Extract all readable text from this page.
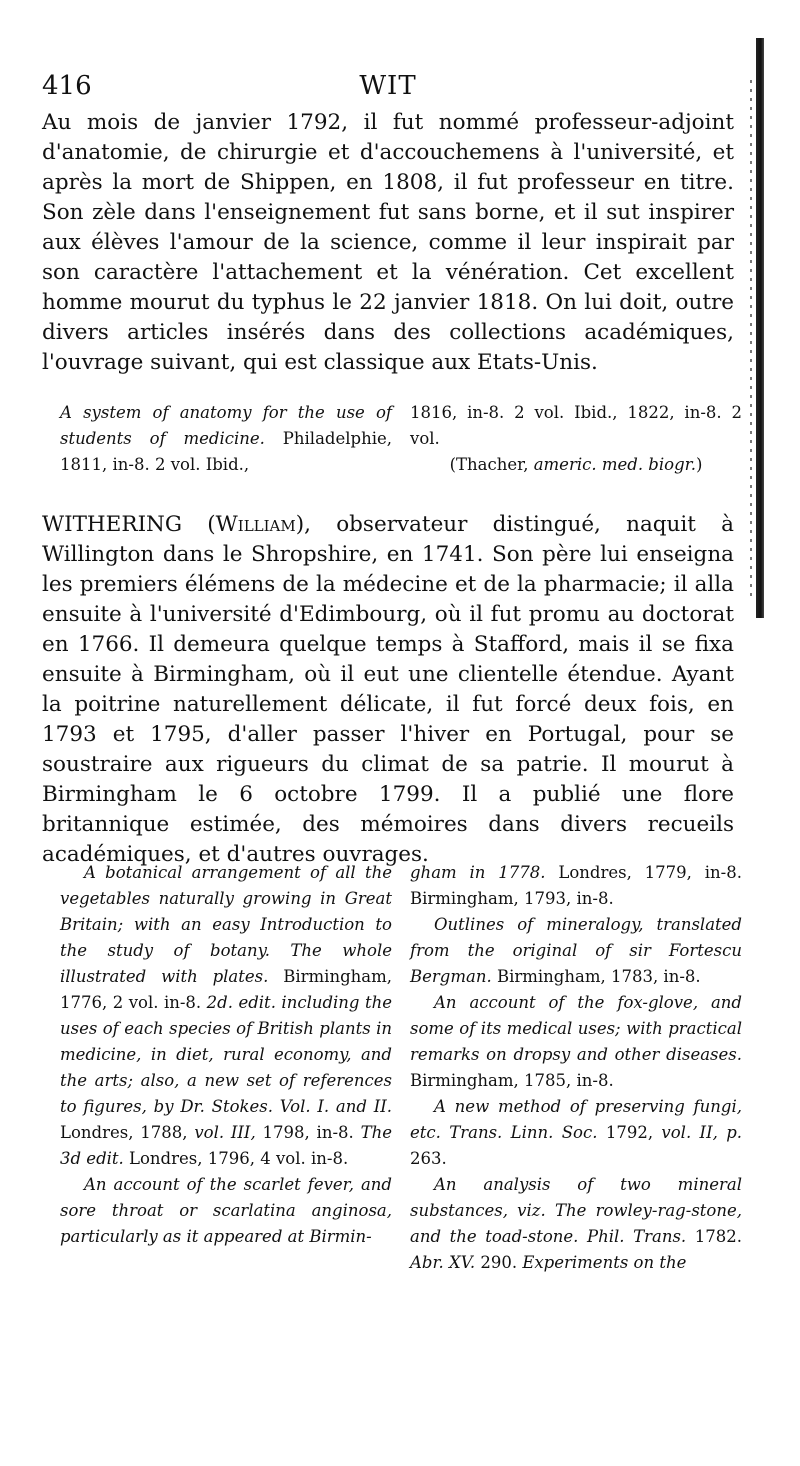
416	WIT
Au mois de janvier 1792, il fut nommé professeur-adjoint d'anatomie, de chirurgie et d'accouchemens à l'université, et après la mort de Shippen, en 1808, il fut professeur en titre. Son zèle dans l'enseignement fut sans borne, et il sut inspirer aux élèves l'amour de la science, comme il leur inspirait par son caractère l'attachement et la vénération. Cet excellent homme mourut du typhus le 22 janvier 1818. On lui doit, outre divers articles insérés dans des collections académiques, l'ouvrage suivant, qui est classique aux Etats-Unis.

A system of anatomy for the use of students of medicine. Philadelphie, 1811, in-8. 2 vol. Ibid.,

1816, in-8. 2 vol. Ibid., 1822, in-8. 2 vol.

(Thacher, americ. med. biogr.)

WITHERING (William), observateur distingué, naquit à Willington dans le Shropshire, en 1741. Son père lui enseigna les premiers élémens de la médecine et de la pharmacie; il alla ensuite à l'université d'Edimbourg, où il fut promu au doctorat en 1766. Il demeura quelque temps à Stafford, mais il se fixa ensuite à Birmingham, où il eut une clientelle étendue. Ayant la poitrine naturellement délicate, il fut forcé deux fois, en 1793 et 1795, d'aller passer l'hiver en Portugal, pour se soustraire aux rigueurs du climat de sa patrie. Il mourut à Birmingham le 6 octobre 1799. Il a publié une flore britannique estimée, des mémoires dans divers recueils académiques, et d'autres ouvrages.

A botanical arrangement of all the vegetables naturally growing in Great Britain; with an easy Introduction to the study of botany. The whole illustrated with plates. Birmingham, 1776, 2 vol. in-8. 2d. edit. including the uses of each species of British plants in medicine, in diet, rural economy, and the arts; also, a new set of references to figures, by Dr. Stokes. Vol. I. and II. Londres, 1788, vol. III, 1798, in-8. The 3d edit. Londres, 1796, 4 vol. in-8.

An account of the scarlet fever, and sore throat or scarlatina anginosa, particularly as it appeared at Birmin-

gham in 1778. Londres, 1779, in-8. Birmingham, 1793, in-8.

Outlines of mineralogy, translated from the original of sir Fortescu Bergman. Birmingham, 1783, in-8.

An account of the fox-glove, and some of its medical uses; with practical remarks on dropsy and other diseases. Birmingham, 1785, in-8.

A new method of preserving fungi, etc. Trans. Linn. Soc. 1792, vol. II, p. 263.

An analysis of two mineral substances, viz. The rowley-rag-stone, and the toad-stone. Phil. Trans. 1782. Abr. XV. 290. Experiments on the
